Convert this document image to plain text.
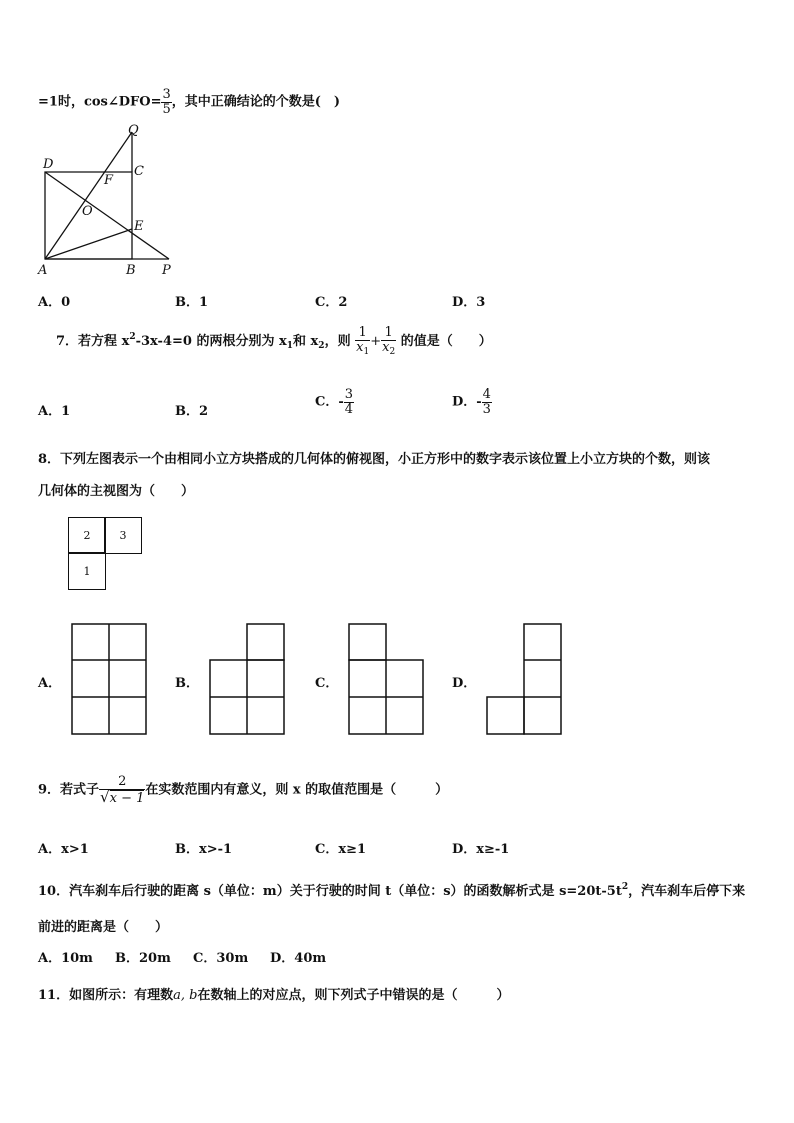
=1时，cos∠DFO= $\frac{3}{5}$ ，其中正确结论的个数是(　)
Q
D	C
F
O
E
A	B P
A．0	B．1	C．2	D．3
7．若方程 $x^2-3x-4=0$ 的两根分别为 $x_1$和 $x_2$，则 $\frac{1}{x_1} + \frac{1}{x_2}$ 的值是（　　）
A．1	B．2
C．- $\frac{3}{4}$	D．- $\frac{4}{3}$
8．下列左图表示一个由相同小立方块搭成的几何体的俯视图，小正方形中的数字表示该位置上小立方块的个数，则该
几何体的主视图为（　　）
2	3
1
A．	B．	C．	D．
9．若式子 $\frac{2}{√x - 1}$ 在实数范围内有意义，则 x 的取值范围是（　　　）
A．x>1	B．x>-1	C．x≥1	D．x≥-1
10．汽车刹车后行驶的距离 s（单位：m）关于行驶的时间 t（单位：s）的函数解析式是 $s=20t-5t^2$，汽车刹车后停下来
前进的距离是（　　）
A．10m B．20m C．30m D．40m
11．如图所示：有理数a, b在数轴上的对应点，则下列式子中错误的是（　　　）
